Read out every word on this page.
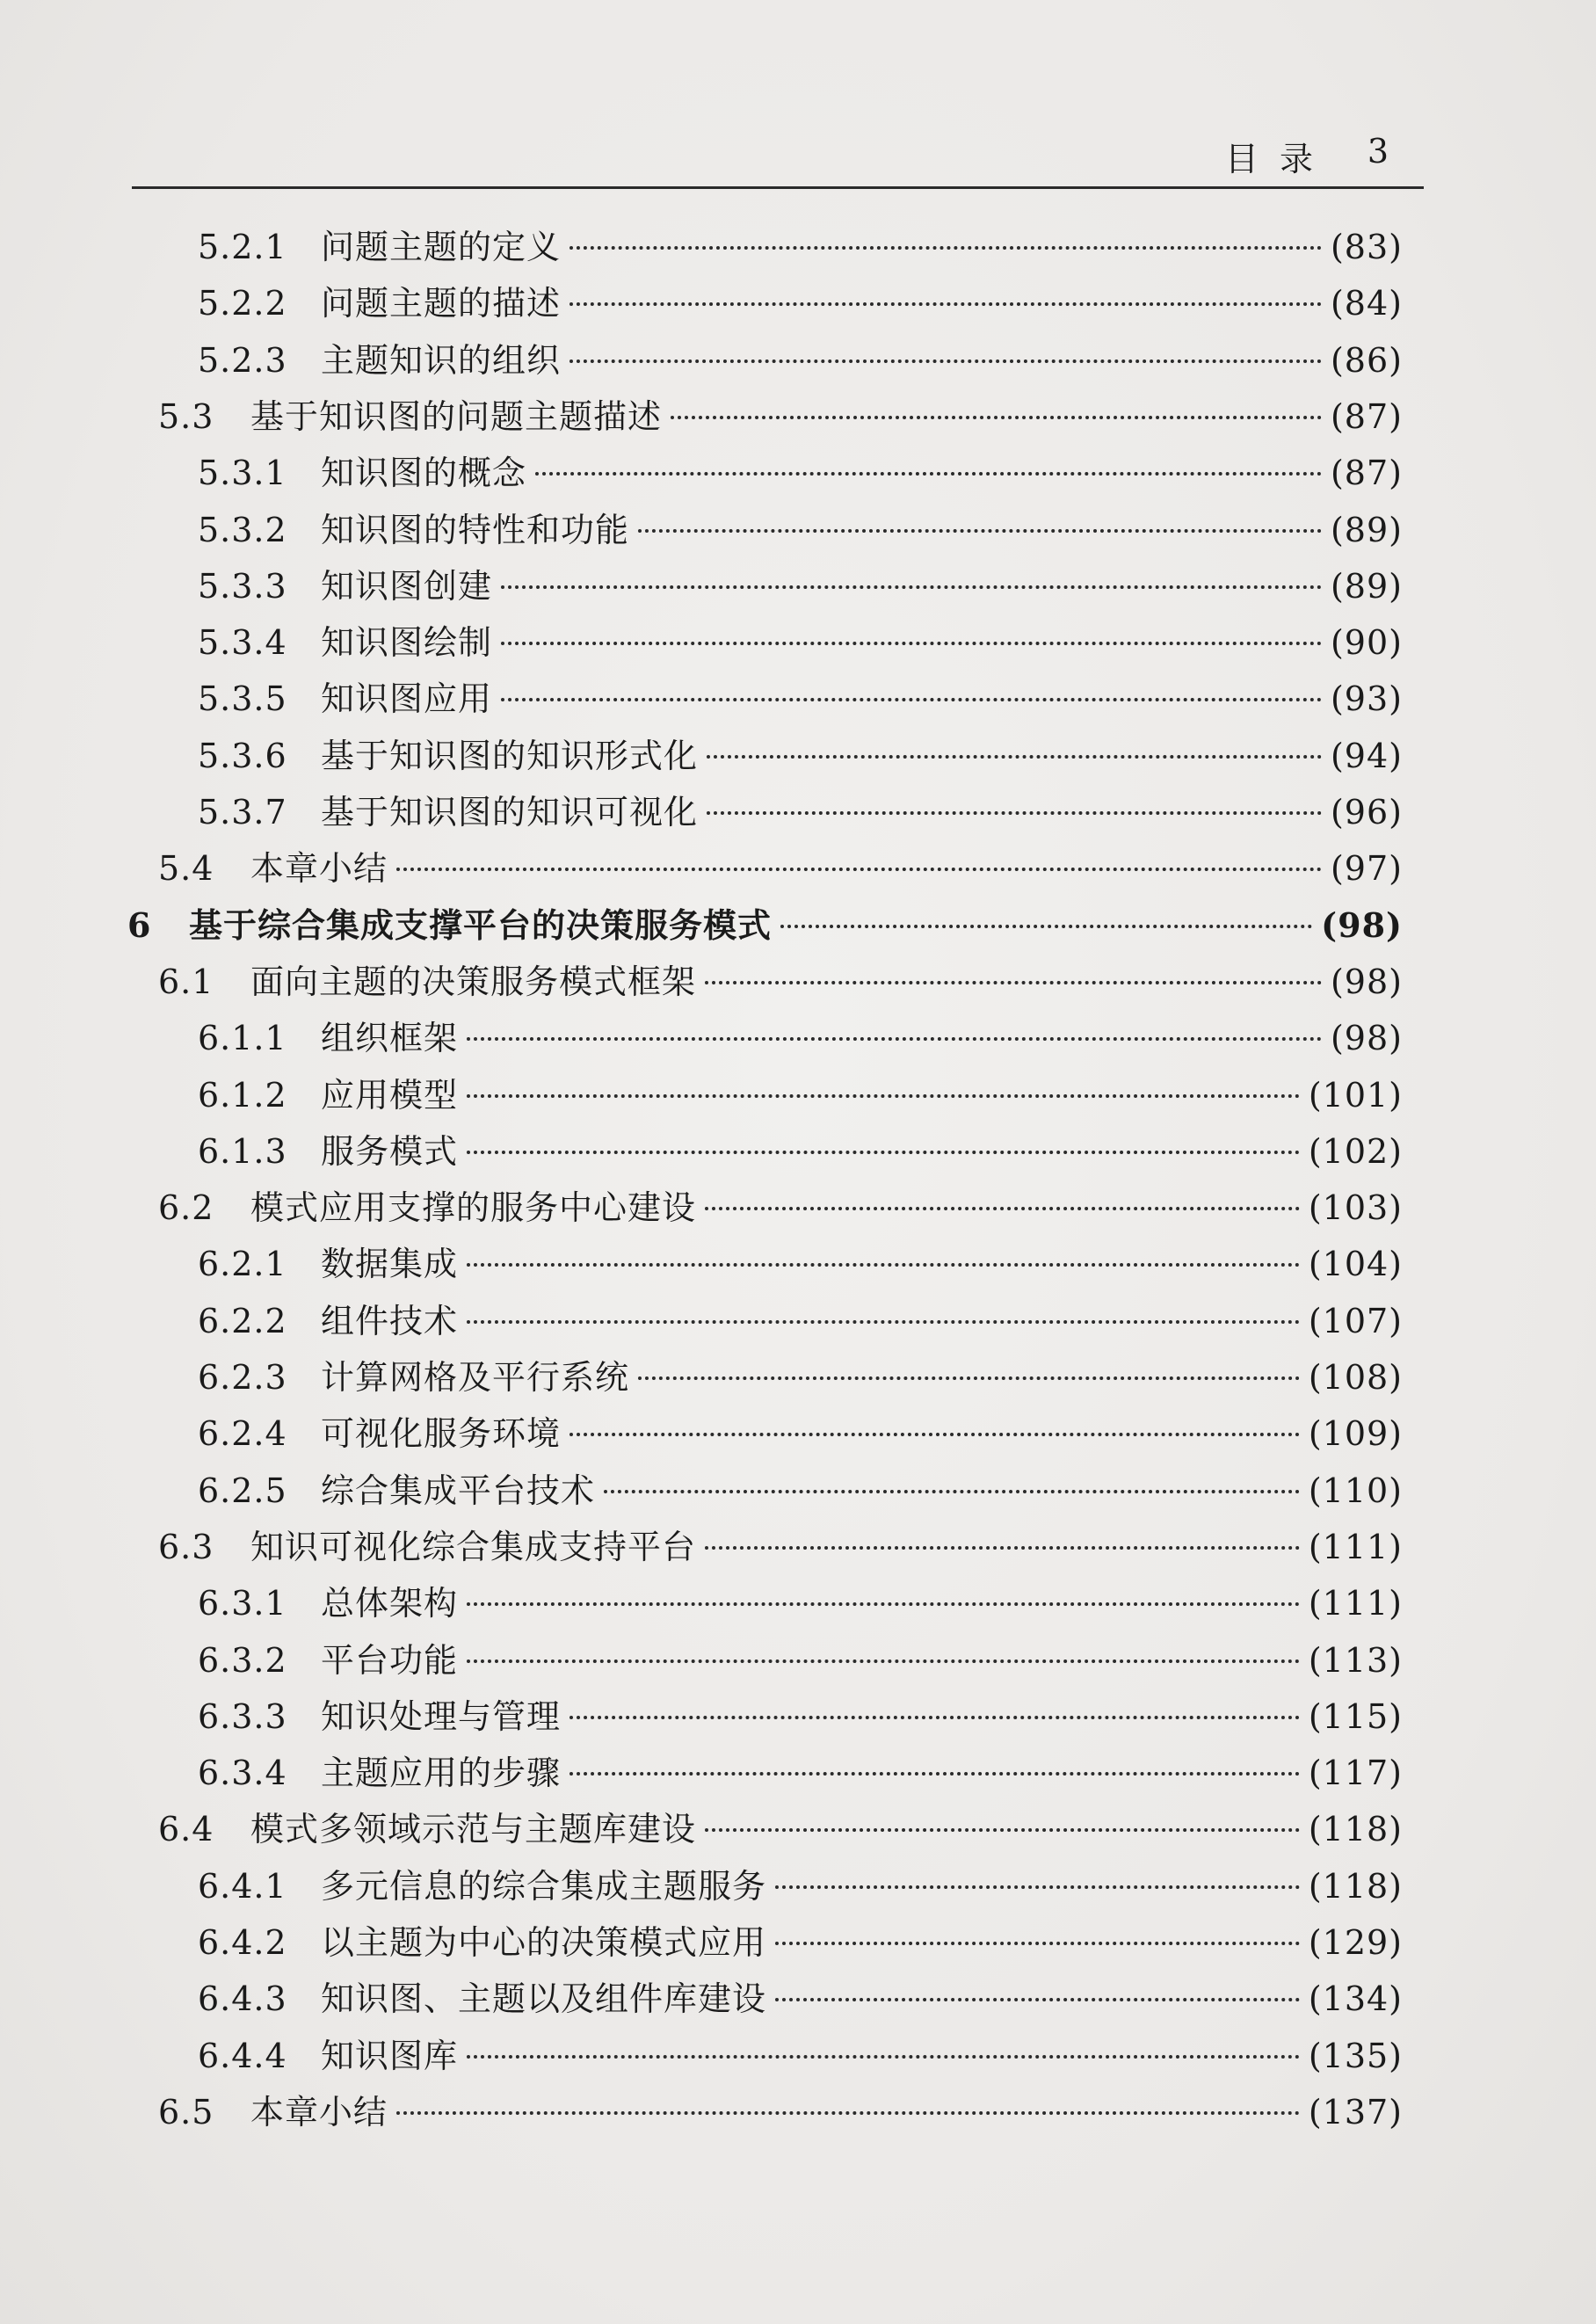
目 录 3
5.2.1	问题主题的定义	(83)
5.2.2	问题主题的描述	(84)
5.2.3	主题知识的组织	(86)
5.3	基于知识图的问题主题描述	(87)
5.3.1	知识图的概念	(87)
5.3.2	知识图的特性和功能	(89)
5.3.3	知识图创建	(89)
5.3.4	知识图绘制	(90)
5.3.5	知识图应用	(93)
5.3.6	基于知识图的知识形式化	(94)
5.3.7	基于知识图的知识可视化	(96)
5.4	本章小结	(97)
6	基于综合集成支撑平台的决策服务模式	(98)
6.1	面向主题的决策服务模式框架	(98)
6.1.1	组织框架	(98)
6.1.2	应用模型	(101)
6.1.3	服务模式	(102)
6.2	模式应用支撑的服务中心建设	(103)
6.2.1	数据集成	(104)
6.2.2	组件技术	(107)
6.2.3	计算网格及平行系统	(108)
6.2.4	可视化服务环境	(109)
6.2.5	综合集成平台技术	(110)
6.3	知识可视化综合集成支持平台	(111)
6.3.1	总体架构	(111)
6.3.2	平台功能	(113)
6.3.3	知识处理与管理	(115)
6.3.4	主题应用的步骤	(117)
6.4	模式多领域示范与主题库建设	(118)
6.4.1	多元信息的综合集成主题服务	(118)
6.4.2	以主题为中心的决策模式应用	(129)
6.4.3	知识图、主题以及组件库建设	(134)
6.4.4	知识图库	(135)
6.5	本章小结	(137)
